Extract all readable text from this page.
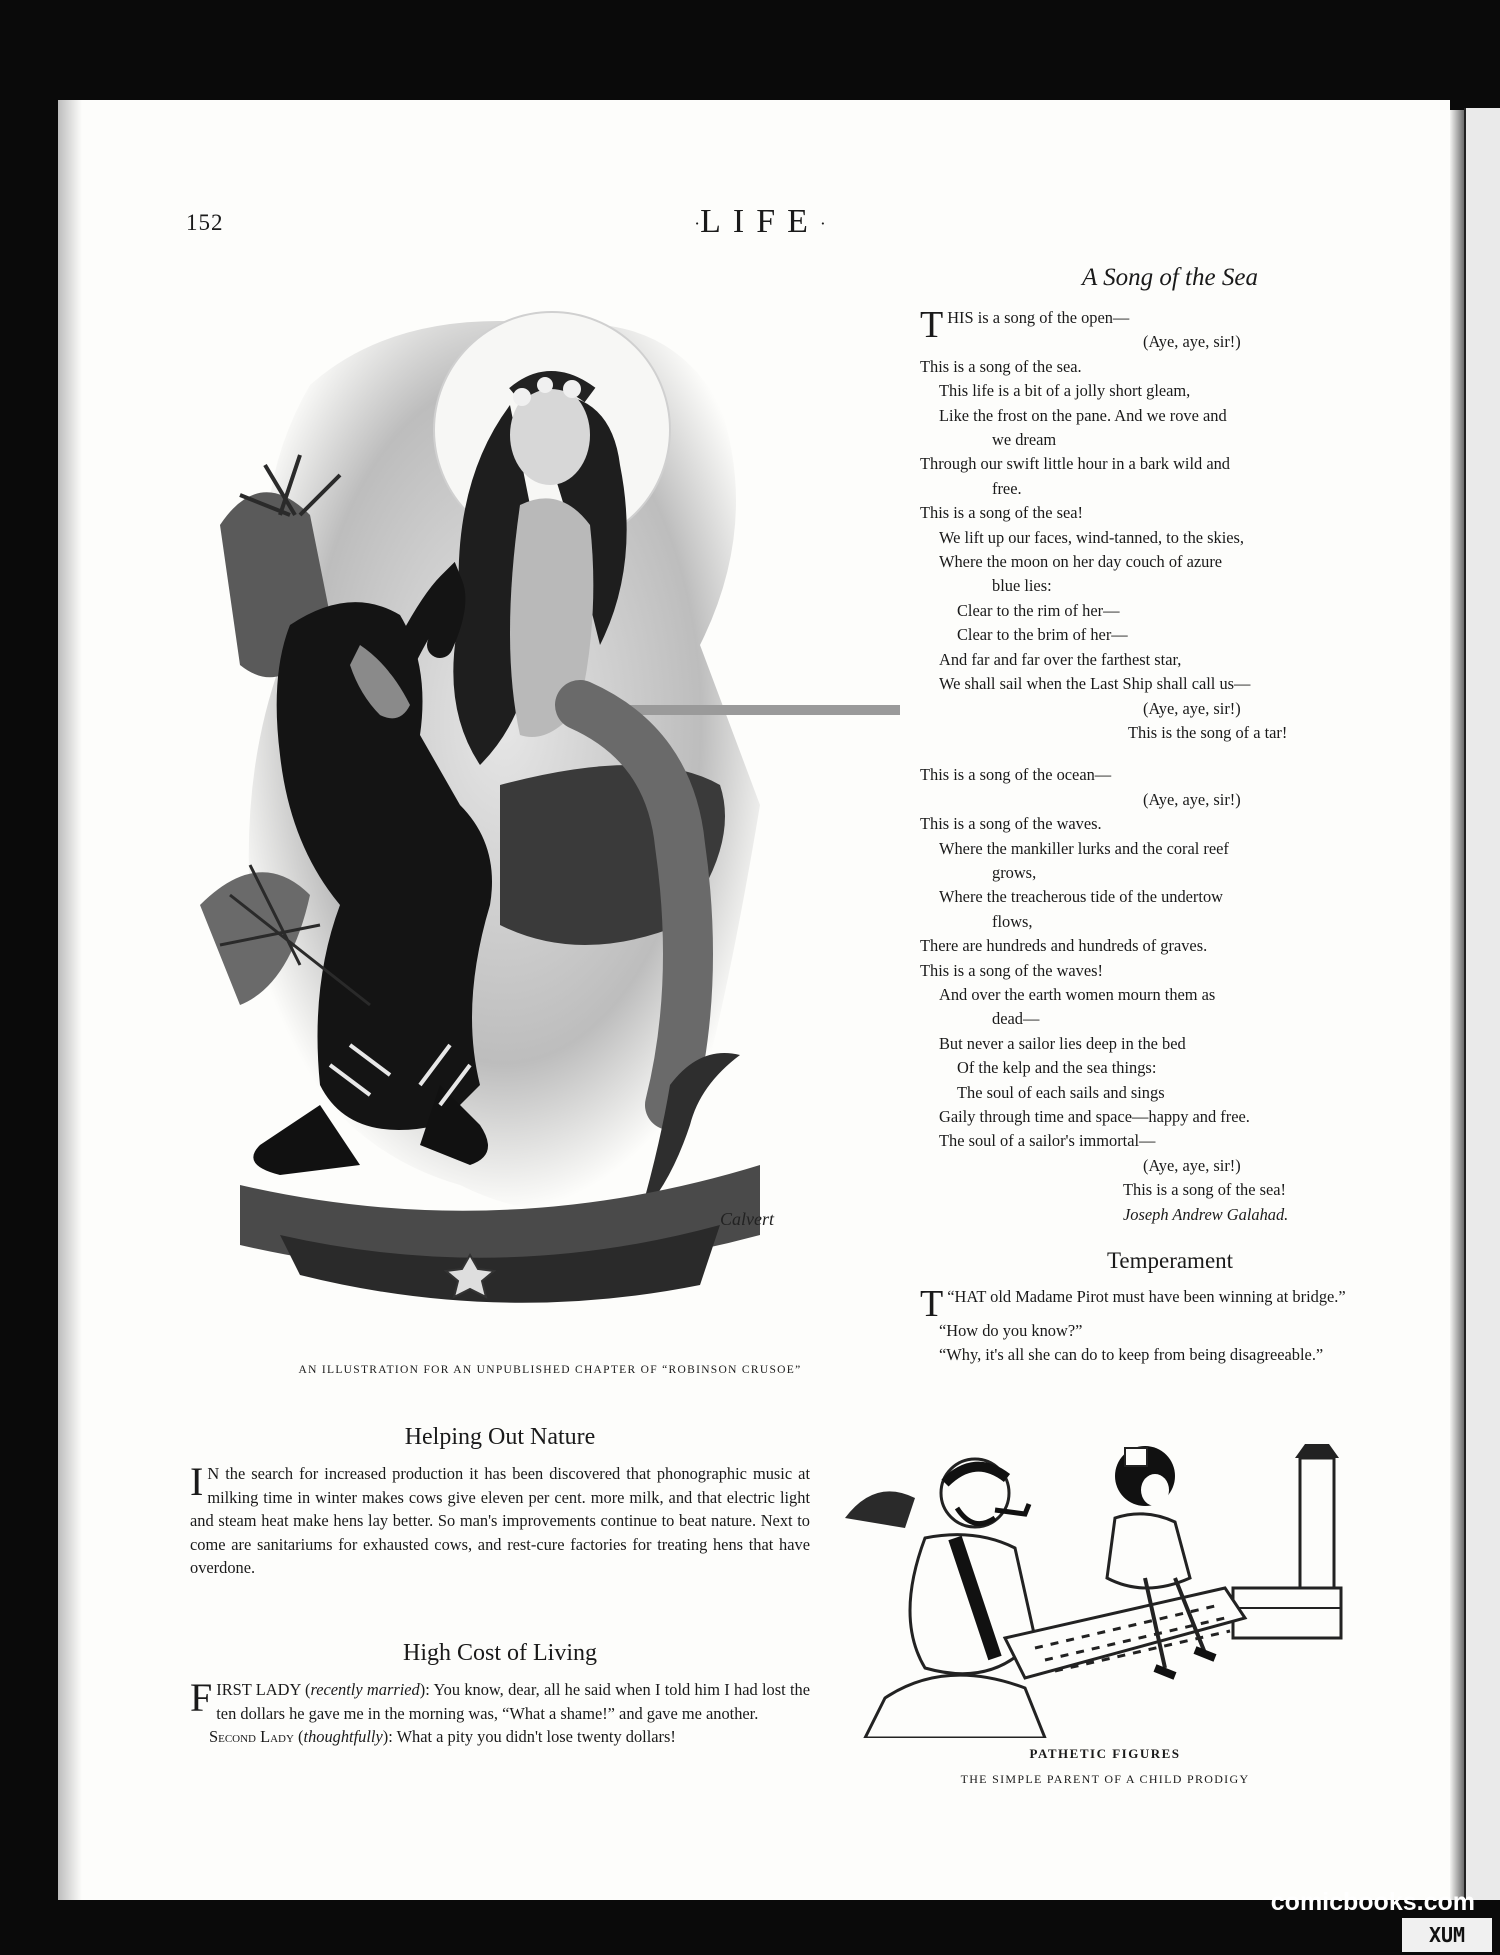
152	·LIFE·
Calvert
AN ILLUSTRATION FOR AN UNPUBLISHED CHAPTER OF “ROBINSON CRUSOE”
A Song of the Sea
THIS is a song of the open—
(Aye, aye, sir!)
This is a song of the sea.
This life is a bit of a jolly short gleam,
Like the frost on the pane. And we rove and
we dream
Through our swift little hour in a bark wild and
free.
This is a song of the sea!
We lift up our faces, wind-tanned, to the skies,
Where the moon on her day couch of azure
blue lies:
Clear to the rim of her—
Clear to the brim of her—
And far and far over the farthest star,
We shall sail when the Last Ship shall call us—
(Aye, aye, sir!)
This is the song of a tar!
This is a song of the ocean—
(Aye, aye, sir!)
This is a song of the waves.
Where the mankiller lurks and the coral reef
grows,
Where the treacherous tide of the undertow
flows,
There are hundreds and hundreds of graves.
This is a song of the waves!
And over the earth women mourn them as
dead—
But never a sailor lies deep in the bed
Of the kelp and the sea things:
The soul of each sails and sings
Gaily through time and space—happy and free.
The soul of a sailor's immortal—
(Aye, aye, sir!)
This is a song of the sea!
Joseph Andrew Galahad.
Temperament
“
T HAT old Madame Pirot must have been winning at bridge.”
“How do you know?”
“Why, it's all she can do to keep from being disagreeable.”
PATHETIC FIGURES
THE SIMPLE PARENT OF A CHILD PRODIGY
Helping Out Nature
I N the search for increased production it has been discovered that phonographic music at milking time in winter makes cows give eleven per cent. more milk, and that electric light and steam heat make hens lay better. So man's improvements continue to beat nature. Next to come are sanitariums for exhausted cows, and rest-cure factories for treating hens that have overdone.
High Cost of Living
FIRST LADY (recently married): You know, dear, all he said when I told him I had lost the ten dollars he gave me in the morning was, “What a shame!” and gave me another.
Second Lady (thoughtfully): What a pity you didn't lose twenty dollars!
comicbooks.com
XUM
